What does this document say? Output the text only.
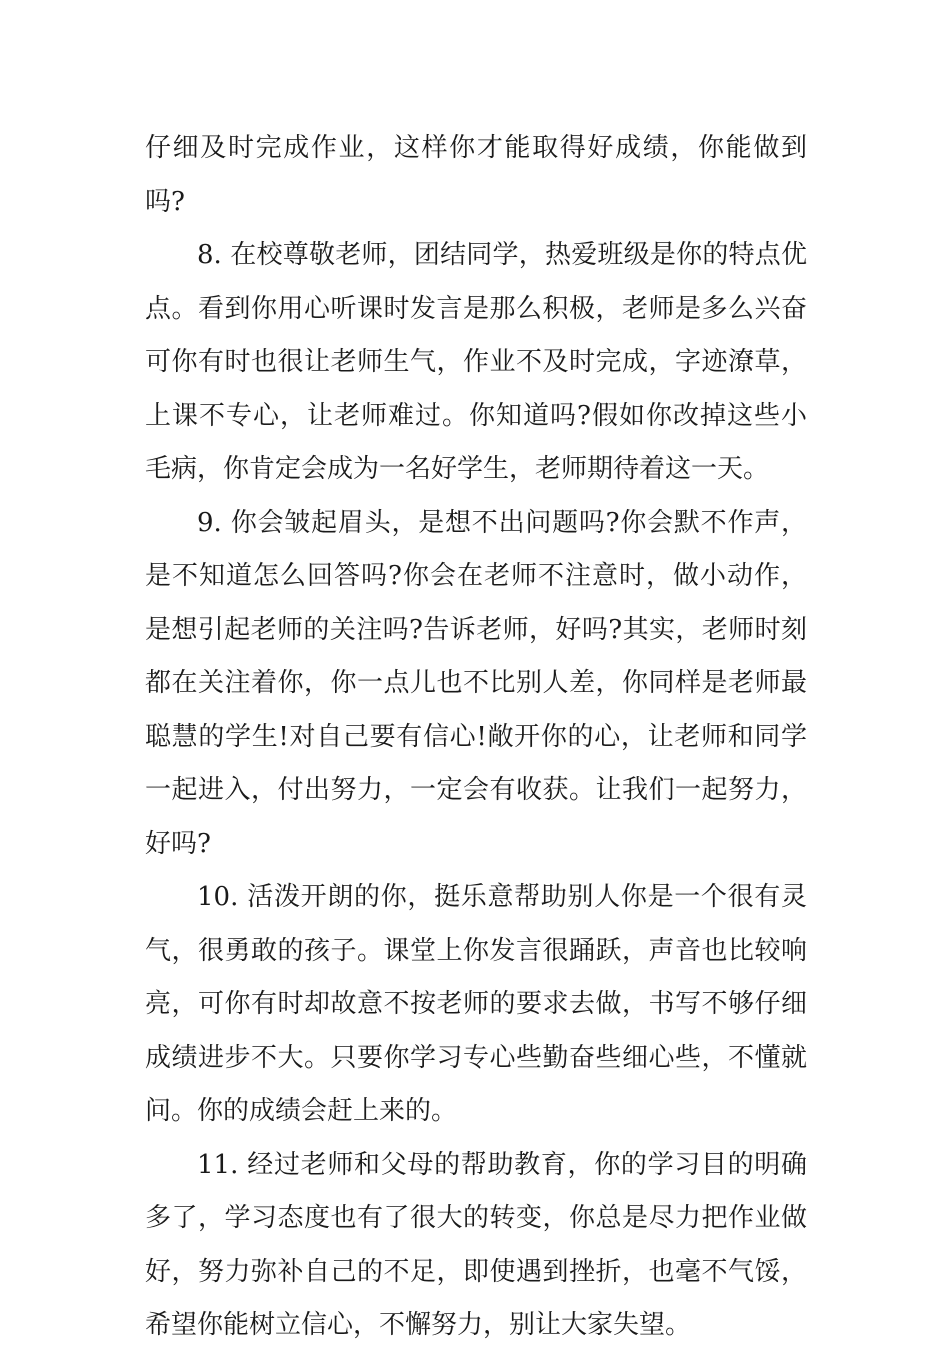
仔细及时完成作业，这样你才能取得好成绩，你能做到吗?

8. 在校尊敬老师，团结同学，热爱班级是你的特点优点。看到你用心听课时发言是那么积极，老师是多么兴奋可你有时也很让老师生气，作业不及时完成，字迹潦草，上课不专心，让老师难过。你知道吗?假如你改掉这些小毛病，你肯定会成为一名好学生，老师期待着这一天。

9. 你会皱起眉头，是想不出问题吗?你会默不作声，是不知道怎么回答吗?你会在老师不注意时，做小动作，是想引起老师的关注吗?告诉老师，好吗?其实，老师时刻都在关注着你，你一点儿也不比别人差，你同样是老师最聪慧的学生!对自己要有信心!敞开你的心，让老师和同学一起进入，付出努力，一定会有收获。让我们一起努力，好吗?

10. 活泼开朗的你，挺乐意帮助别人你是一个很有灵气，很勇敢的孩子。课堂上你发言很踊跃，声音也比较响亮，可你有时却故意不按老师的要求去做，书写不够仔细成绩进步不大。只要你学习专心些勤奋些细心些，不懂就问。你的成绩会赶上来的。

11. 经过老师和父母的帮助教育，你的学习目的明确多了，学习态度也有了很大的转变，你总是尽力把作业做好，努力弥补自己的不足，即使遇到挫折，也毫不气馁，希望你能树立信心，不懈努力，别让大家失望。
